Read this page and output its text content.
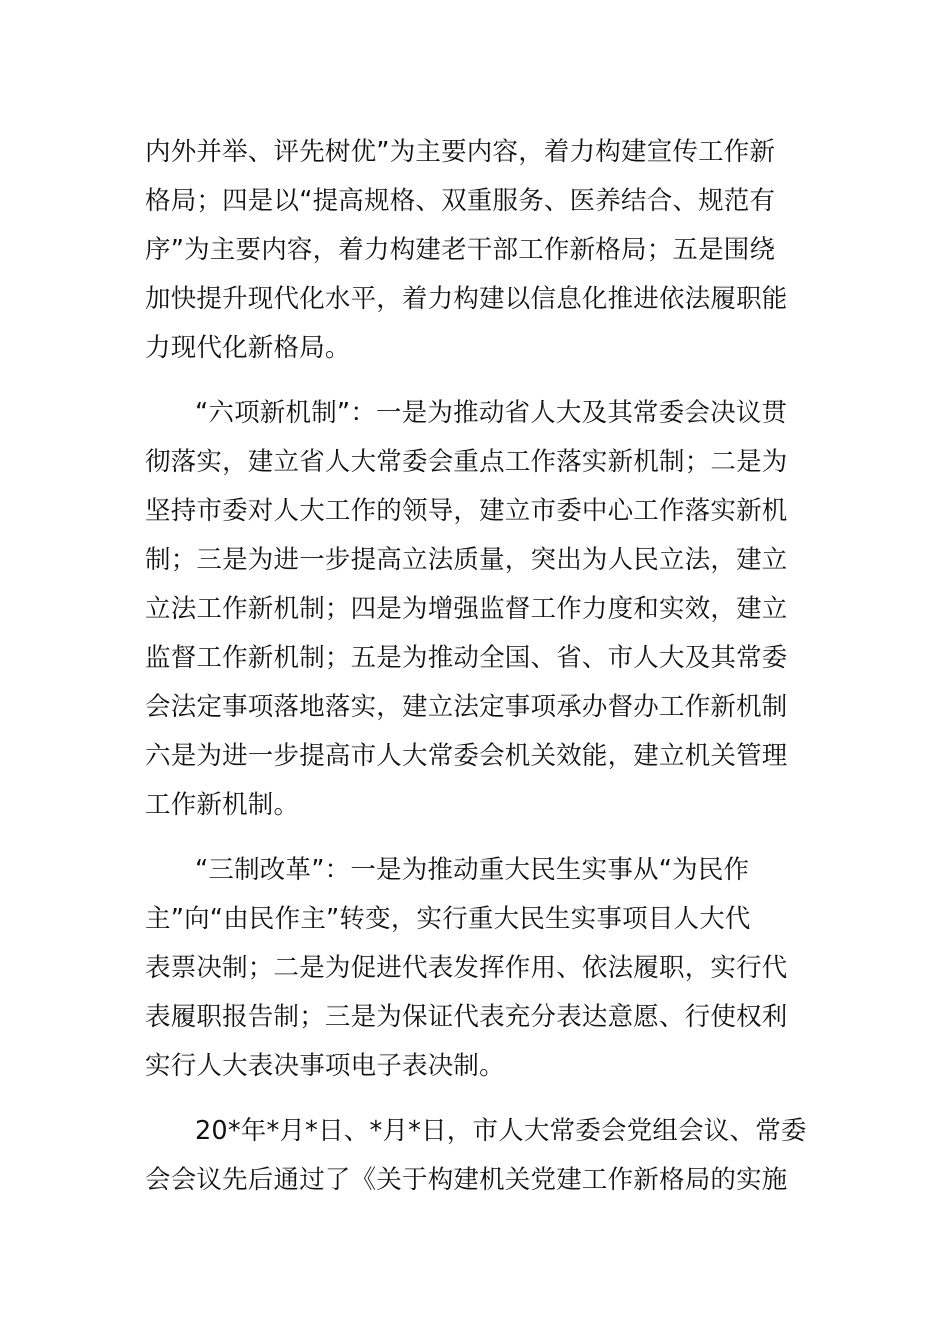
内外并举、评先树优”为主要内容，着力构建宣传工作新
格局；四是以“提高规格、双重服务、医养结合、规范有
序”为主要内容，着力构建老干部工作新格局；五是围绕
加快提升现代化水平，着力构建以信息化推进依法履职能
力现代化新格局。
“六项新机制”：一是为推动省人大及其常委会决议贯
彻落实，建立省人大常委会重点工作落实新机制；二是为
坚持市委对人大工作的领导，建立市委中心工作落实新机
制；三是为进一步提高立法质量，突出为人民立法，建立
立法工作新机制；四是为增强监督工作力度和实效，建立
监督工作新机制；五是为推动全国、省、市人大及其常委
会法定事项落地落实，建立法定事项承办督办工作新机制
六是为进一步提高市人大常委会机关效能，建立机关管理
工作新机制。
“三制改革”：一是为推动重大民生实事从“为民作
主”向“由民作主”转变，实行重大民生实事项目人大代
表票决制；二是为促进代表发挥作用、依法履职，实行代
表履职报告制；三是为保证代表充分表达意愿、行使权利
实行人大表决事项电子表决制。
20*年*月*日、*月*日，市人大常委会党组会议、常委
会会议先后通过了《关于构建机关党建工作新格局的实施
